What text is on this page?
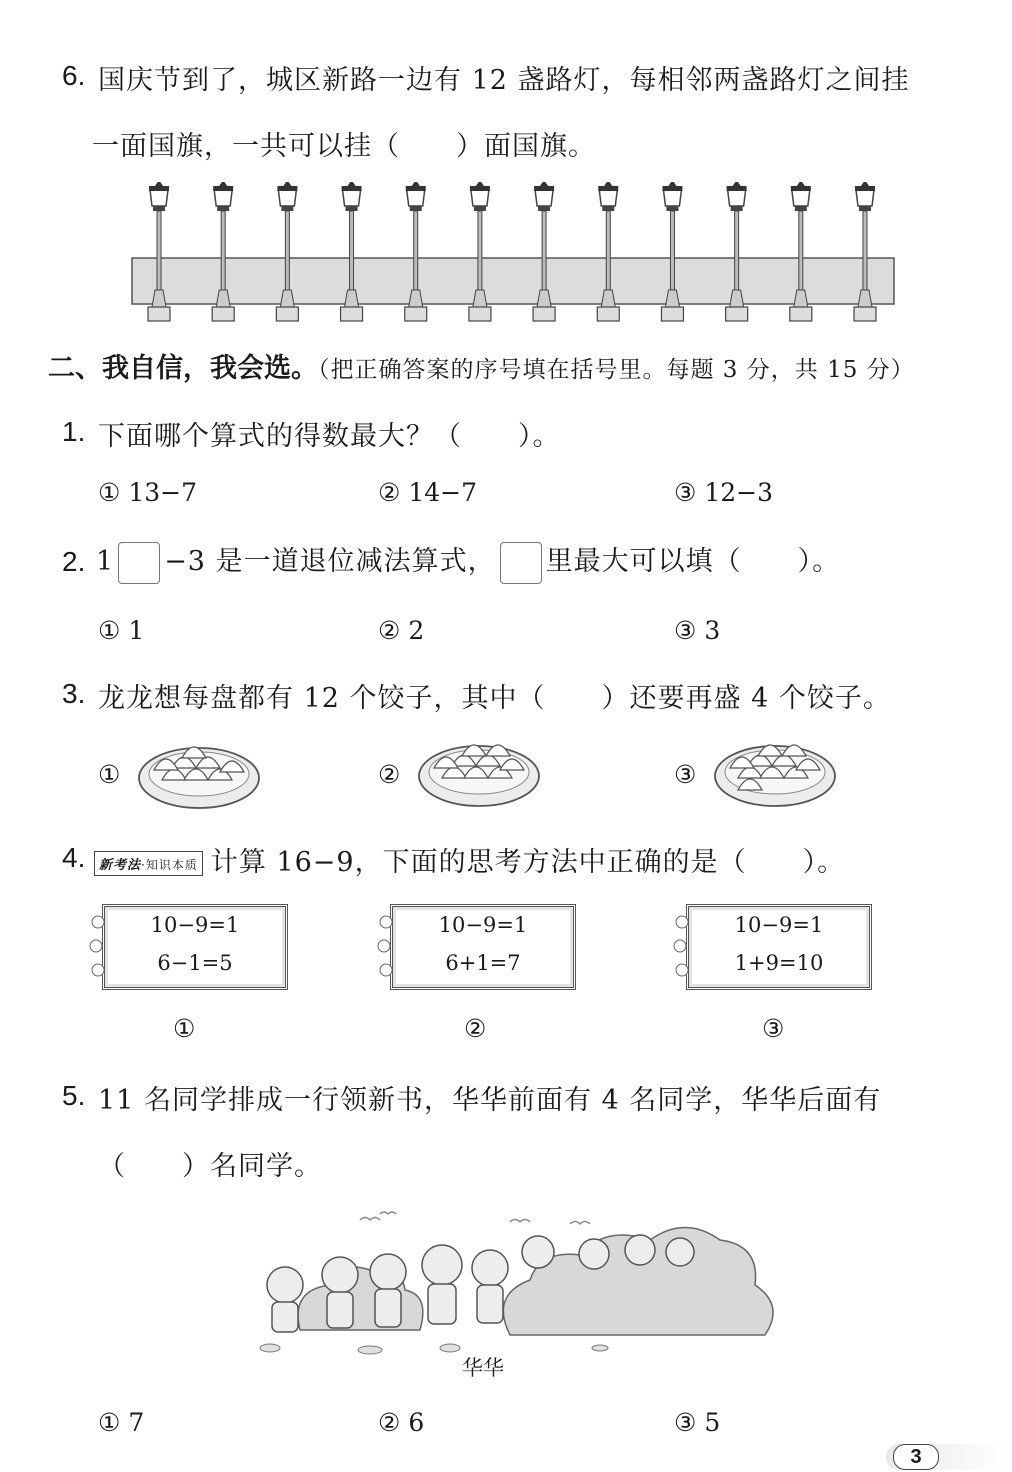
6. 国庆节到了，城区新路一边有 12 盏路灯，每相邻两盏路灯之间挂
一面国旗，一共可以挂（　　）面国旗。
二、我自信，我会选。（把正确答案的序号填在括号里。每题 3 分，共 15 分）
1. 下面哪个算式的得数最大？（　　）。
① 13−7	② 14−7	③ 12−3
2. 1 −3 是一道退位减法算式， 里最大可以填（　　）。
① 1	② 2	③ 3
3. 龙龙想每盘都有 12 个饺子，其中（　　）还要再盛 4 个饺子。
①	②	③
4.	新考法·知识本质 计算 16−9，下面的思考方法中正确的是（　　）。
10−9=1
6−1=5
10−9=1
6+1=7
10−9=1
1+9=10
①	②	③
5. 11 名同学排成一行领新书，华华前面有 4 名同学，华华后面有
（　　）名同学。
华华
① 7	② 6	③ 5
3
